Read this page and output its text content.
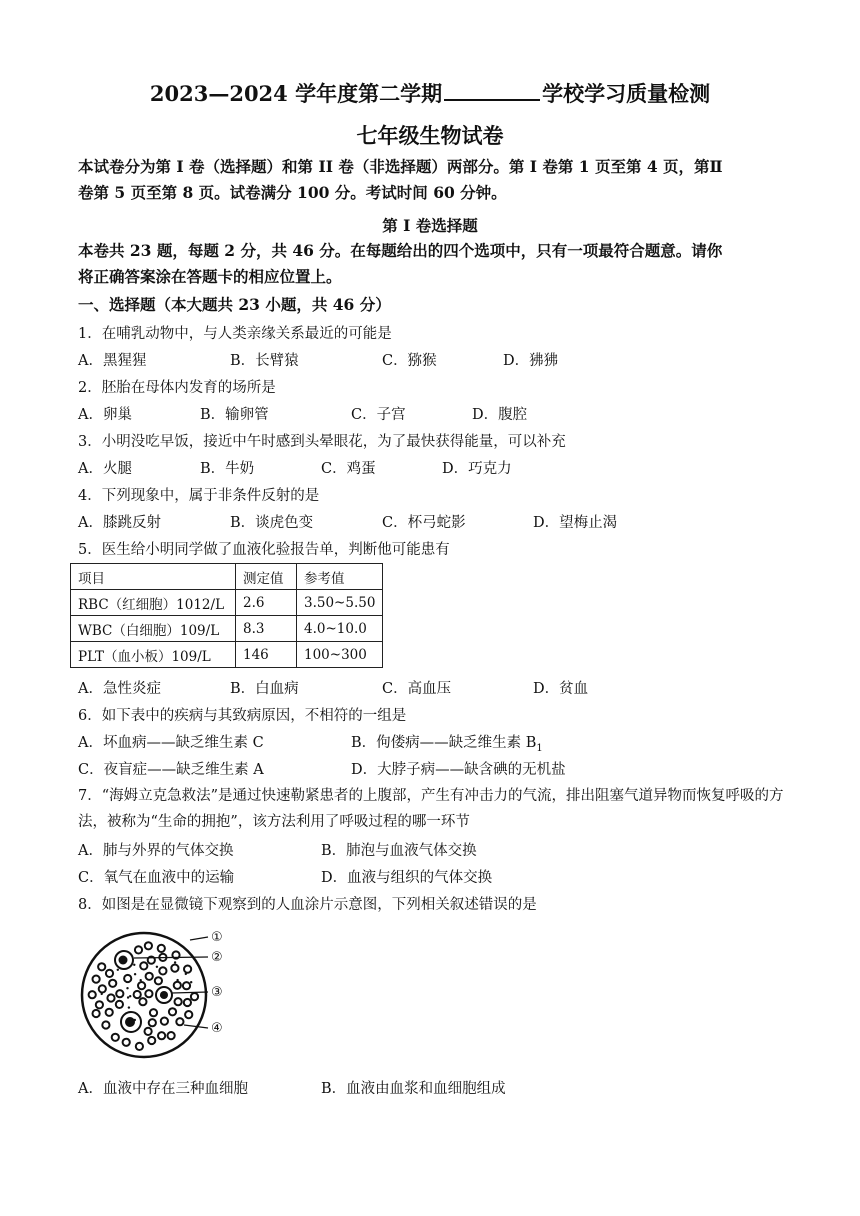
2023—2024 学年度第二学期	学校学习质量检测
七年级生物试卷
本试卷分为第 I 卷（选择题）和第 II 卷（非选择题）两部分。第 I 卷第 1 页至第 4 页，第Ⅱ
卷第 5 页至第 8 页。试卷满分 100 分。考试时间 60 分钟。
第 I 卷选择题
本卷共 23 题，每题 2 分，共 46 分。在每题给出的四个选项中，只有一项最符合题意。请你
将正确答案涂在答题卡的相应位置上。
一、选择题（本大题共 23 小题，共 46 分）
1．在哺乳动物中，与人类亲缘关系最近的可能是
A．黑猩猩	B．长臂猿	C．猕猴	D．狒狒
2．胚胎在母体内发育的场所是
A．卵巢	B．输卵管	C．子宫	D．腹腔
3．小明没吃早饭，接近中午时感到头晕眼花，为了最快获得能量，可以补充
A．火腿	B．牛奶	C．鸡蛋	D．巧克力
4．下列现象中，属于非条件反射的是
A．膝跳反射	B．谈虎色变	C．杯弓蛇影	D．望梅止渴
5．医生给小明同学做了血液化验报告单，判断他可能患有
项目	测定值	参考值
RBC（红细胞）1012/L	2.6	3.50~5.50
WBC（白细胞）109/L	8.3	4.0~10.0
PLT（血小板）109/L	146	100~300
A．急性炎症	B．白血病	C．高血压	D．贫血
6．如下表中的疾病与其致病原因，不相符的一组是
A．坏血病——缺乏维生素 C	B．佝偻病——缺乏维生素 $B_1$
C．夜盲症——缺乏维生素 A	D．大脖子病——缺含碘的无机盐
7．“海姆立克急救法”是通过快速勒紧患者的上腹部，产生有冲击力的气流，排出阻塞气道异物而恢复呼吸的方法，被称为“生命的拥抱”，该方法利用了呼吸过程的哪一环节
A．肺与外界的气体交换	B．肺泡与血液气体交换
C．氧气在血液中的运输	D．血液与组织的气体交换
8．如图是在显微镜下观察到的人血涂片示意图，下列相关叙述错误的是
①
②
③
④
A．血液中存在三种血细胞	B．血液由血浆和血细胞组成
